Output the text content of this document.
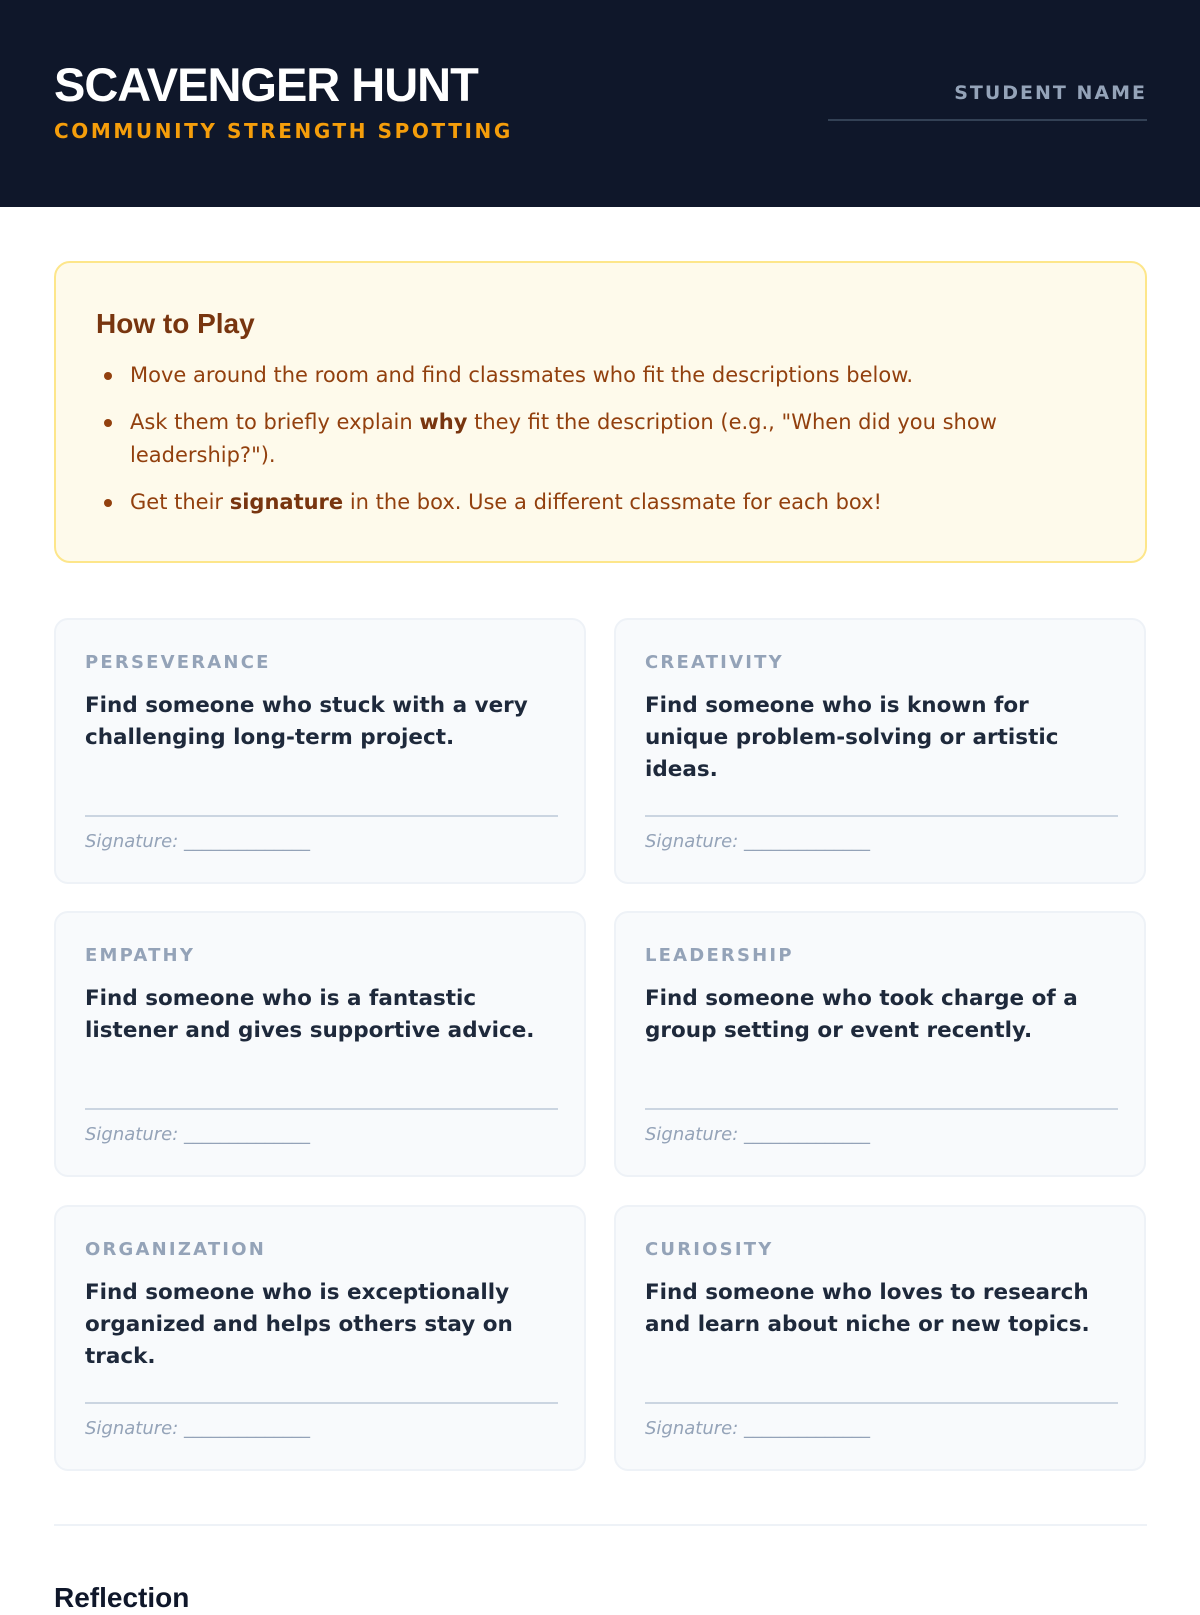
SCAVENGER HUNT
COMMUNITY STRENGTH SPOTTING
STUDENT NAME
How to Play
Move around the room and find classmates who fit the descriptions below.
Ask them to briefly explain why they fit the description (e.g., "When did you show leadership?").
Get their signature in the box. Use a different classmate for each box!
PERSEVERANCE
Find someone who stuck with a very challenging long-term project.
Signature: ______________
CREATIVITY
Find someone who is known for unique problem-solving or artistic ideas.
Signature: ______________
EMPATHY
Find someone who is a fantastic listener and gives supportive advice.
Signature: ______________
LEADERSHIP
Find someone who took charge of a group setting or event recently.
Signature: ______________
ORGANIZATION
Find someone who is exceptionally organized and helps others stay on track.
Signature: ______________
CURIOSITY
Find someone who loves to research and learn about niche or new topics.
Signature: ______________
Reflection
